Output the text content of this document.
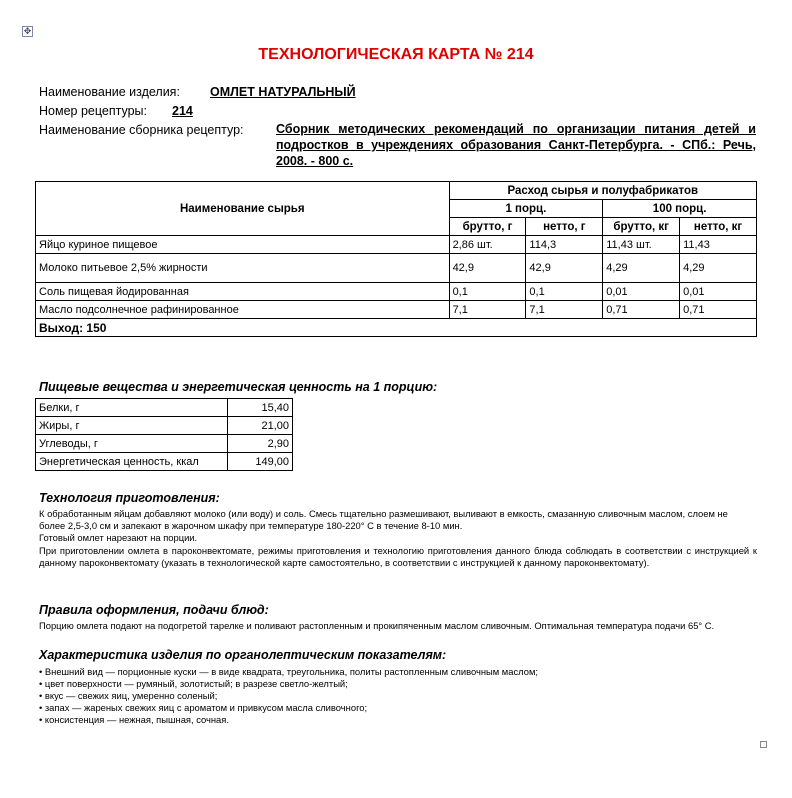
✥
ТЕХНОЛОГИЧЕСКАЯ КАРТА № 214
Наименование изделия: ОМЛЕТ НАТУРАЛЬНЫЙ
Номер рецептуры: 214
Наименование сборника рецептур:	Сборник методических рекомендаций по организации питания детей и подростков в учреждениях образования Санкт-Петербурга. - СПб.: Речь, 2008. - 800 с.
Наименование сырья	Расход сырья и полуфабрикатов			
	1 порц.		100 порц.	
	брутто, г	нетто, г	брутто, кг	нетто, кг
Яйцо куриное пищевое	2,86 шт.	114,3	11,43 шт.	11,43
Молоко питьевое 2,5% жирности	42,9	42,9	4,29	4,29
Соль пищевая йодированная	0,1	0,1	0,01	0,01
Масло подсолнечное рафинированное	7,1	7,1	0,71	0,71
Выход: 150				
Пищевые вещества и энергетическая ценность на 1 порцию:
Белки, г	15,40
Жиры, г	21,00
Углеводы, г	2,90
Энергетическая ценность, ккал	149,00
Технология приготовления:
К обработанным яйцам добавляют молоко (или воду) и соль. Смесь тщательно размешивают, выливают в емкость, смазанную сливочным маслом, слоем не более 2,5-3,0 см и запекают в жарочном шкафу при температуре 180-220° С в течение 8-10 мин.
Готовый омлет нарезают на порции.
При приготовлении омлета в пароконвектомате, режимы приготовления и технологию приготовления данного блюда соблюдать в соответствии с инструкцией к данному пароконвектомату (указать в технологической карте самостоятельно, в соответствии с инструкцией к данному пароконвектомату).
Правила оформления, подачи блюд:
Порцию омлета подают на подогретой тарелке и поливают растопленным и прокипяченным маслом сливочным. Оптимальная температура подачи 65° С.
Характеристика изделия по органолептическим показателям:
• Внешний вид — порционные куски — в виде квадрата, треугольника, политы растопленным сливочным маслом;
• цвет поверхности — румяный, золотистый; в разрезе светло-желтый;
• вкус — свежих яиц, умеренно соленый;
• запах — жареных свежих яиц с ароматом и привкусом масла сливочного;
• консистенция — нежная, пышная, сочная.
